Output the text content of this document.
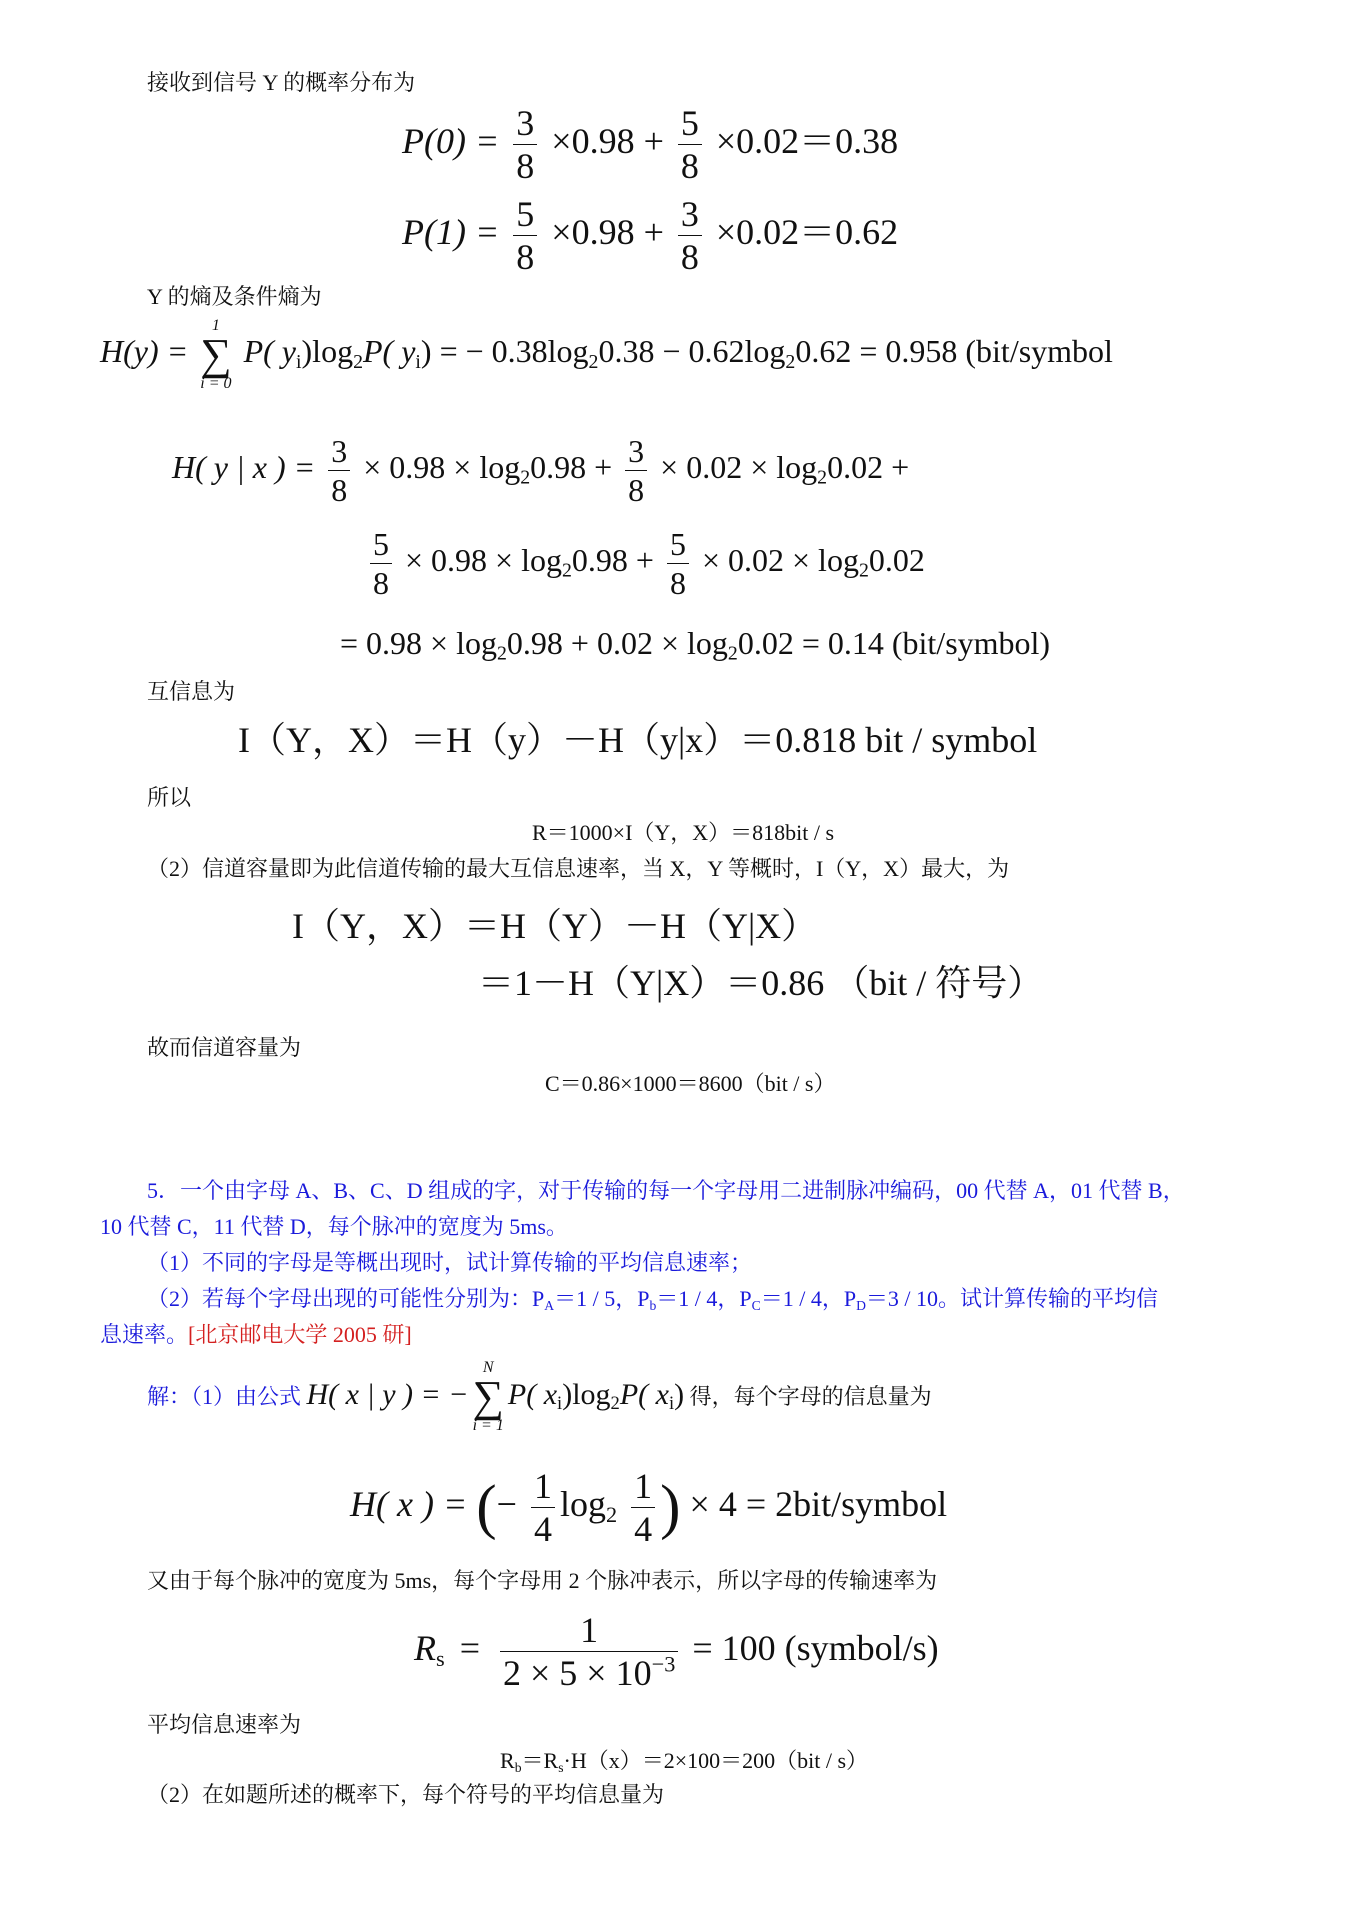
接收到信号 Y 的概率分布为
$P(0) = \frac{3}{8} \times 0.98 + \frac{5}{8} \times 0.02=0.38$
$P(1) = \frac{5}{8} \times 0.98 + \frac{3}{8} \times 0.02=0.62$
Y 的熵及条件熵为
H(y) =
1
∑
i = 0
P( $y_i)\log_2P$( $y_i$) = − $0.38\log_20.38 - 0.62\log_20.62 = 0.958$ (bit/symbol
H( y | x ) = $\frac{3}{8} \times 0.98 \times \log_20.98 + \frac{3}{8} \times 0.02 \times \log_20.02$ +
$\frac{5}{8} \times 0.98 \times \log_20.98 + \frac{5}{8} \times 0.02 \times \log_20.02$
= $0.98 \times \log_20.98 + 0.02 \times \log_20.02 = 0.14$ (bit/symbol)
互信息为
I（Y，X）＝H（y）－H（y|x）＝0.818 bit / symbol
所以
R＝1000×I（Y，X）＝818bit / s
（2）信道容量即为此信道传输的最大互信息速率，当 X，Y 等概时，I（Y，X）最大，为
I（Y，X）＝H（Y）－H（Y|X）
＝1－H（Y|X）＝0.86 （bit / 符号）
故而信道容量为
C＝0.86×1000＝8600（bit / s）
5．一个由字母 A、B、C、D 组成的字，对于传输的每一个字母用二进制脉冲编码，00 代替 A，01 代替 B，
10 代替 C，11 代替 D，每个脉冲的宽度为 5ms。
（1）不同的字母是等概出现时，试计算传输的平均信息速率；
（2）若每个字母出现的可能性分别为：$P_A=1 / 5$，$P_b=1 / 4$，$P_C=1 / 4$，$P_D=3 / 10$。试计算传输的平均信
息速率。[北京邮电大学 2005 研]
解：（1）由公式 H( x | y ) = −
N
∑
i = 1
P( $x_i)\log_2P$( $x_i$) 得，每个字母的信息量为
H( x ) = (− $\frac{1}{4} \log_2 \frac{1}{4}$ ) × 4 = 2bit/symbol
又由于每个脉冲的宽度为 5ms，每个字母用 2 个脉冲表示，所以字母的传输速率为
$R_s = \frac{1}{2 \times 5 \times 10^{-3}} = 100$ (symbol/s)
平均信息速率为
$R_b=R_s\cdot H(x)=2\times 100=200(bit / s)$
（2）在如题所述的概率下，每个符号的平均信息量为
